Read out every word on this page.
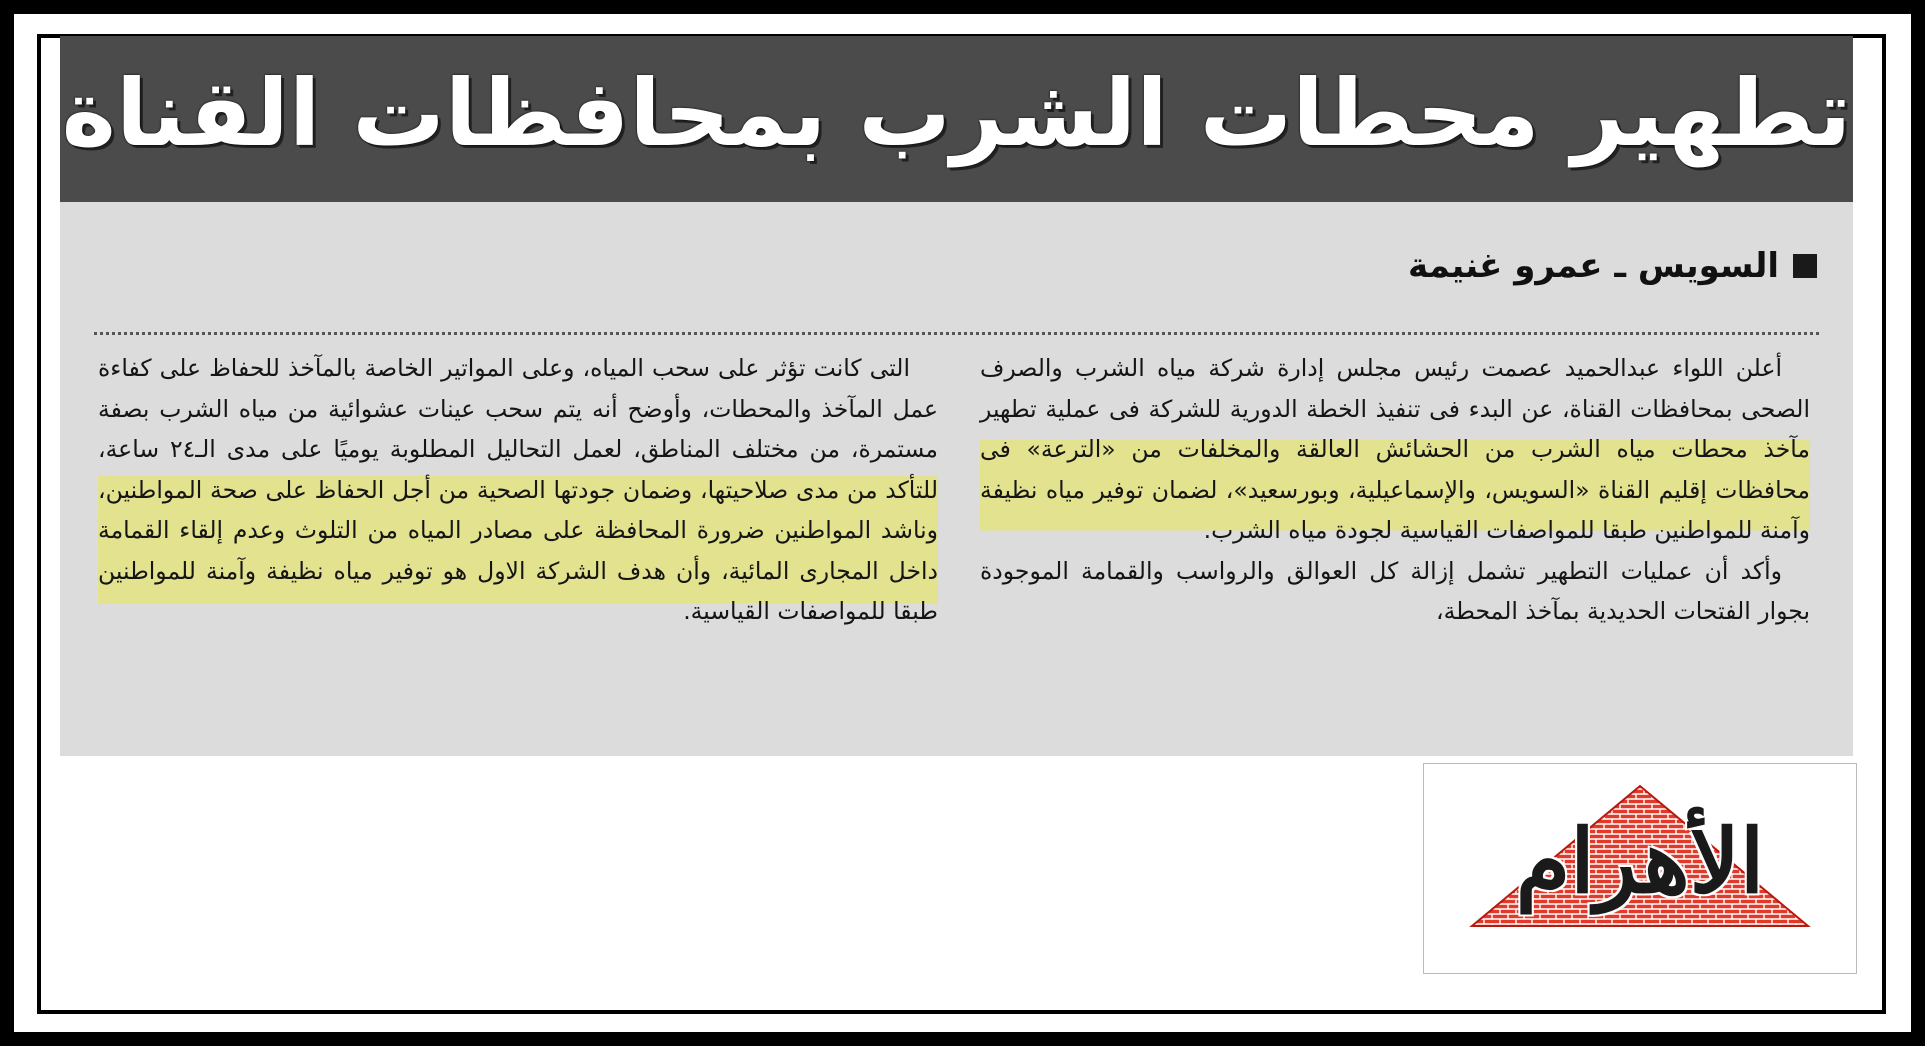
تطهير محطات الشرب بمحافظات القناة
السويس ـ عمرو غنيمة

أعلن اللواء عبدالحميد عصمت رئيس مجلس إدارة شركة مياه الشرب والصرف الصحى بمحافظات القناة، عن البدء فى تنفيذ الخطة الدورية للشركة فى عملية تطهير مآخذ محطات مياه الشرب من الحشائش العالقة والمخلفات من «الترعة» فى محافظات إقليم القناة «السويس، والإسماعيلية، وبورسعيد»، لضمان توفير مياه نظيفة وآمنة للمواطنين طبقا للمواصفات القياسية لجودة مياه الشرب.

وأكد أن عمليات التطهير تشمل إزالة كل العوالق والرواسب والقمامة الموجودة بجوار الفتحات الحديدية بمآخذ المحطة،

التى كانت تؤثر على سحب المياه، وعلى المواتير الخاصة بالمآخذ للحفاظ على كفاءة عمل المآخذ والمحطات، وأوضح أنه يتم سحب عينات عشوائية من مياه الشرب بصفة مستمرة، من مختلف المناطق، لعمل التحاليل المطلوبة يوميًا على مدى الـ٢٤ ساعة، للتأكد من مدى صلاحيتها، وضمان جودتها الصحية من أجل الحفاظ على صحة المواطنين، وناشد المواطنين ضرورة المحافظة على مصادر المياه من التلوث وعدم إلقاء القمامة داخل المجارى المائية، وأن هدف الشركة الاول هو توفير مياه نظيفة وآمنة للمواطنين طبقا للمواصفات القياسية.

الأهرام
